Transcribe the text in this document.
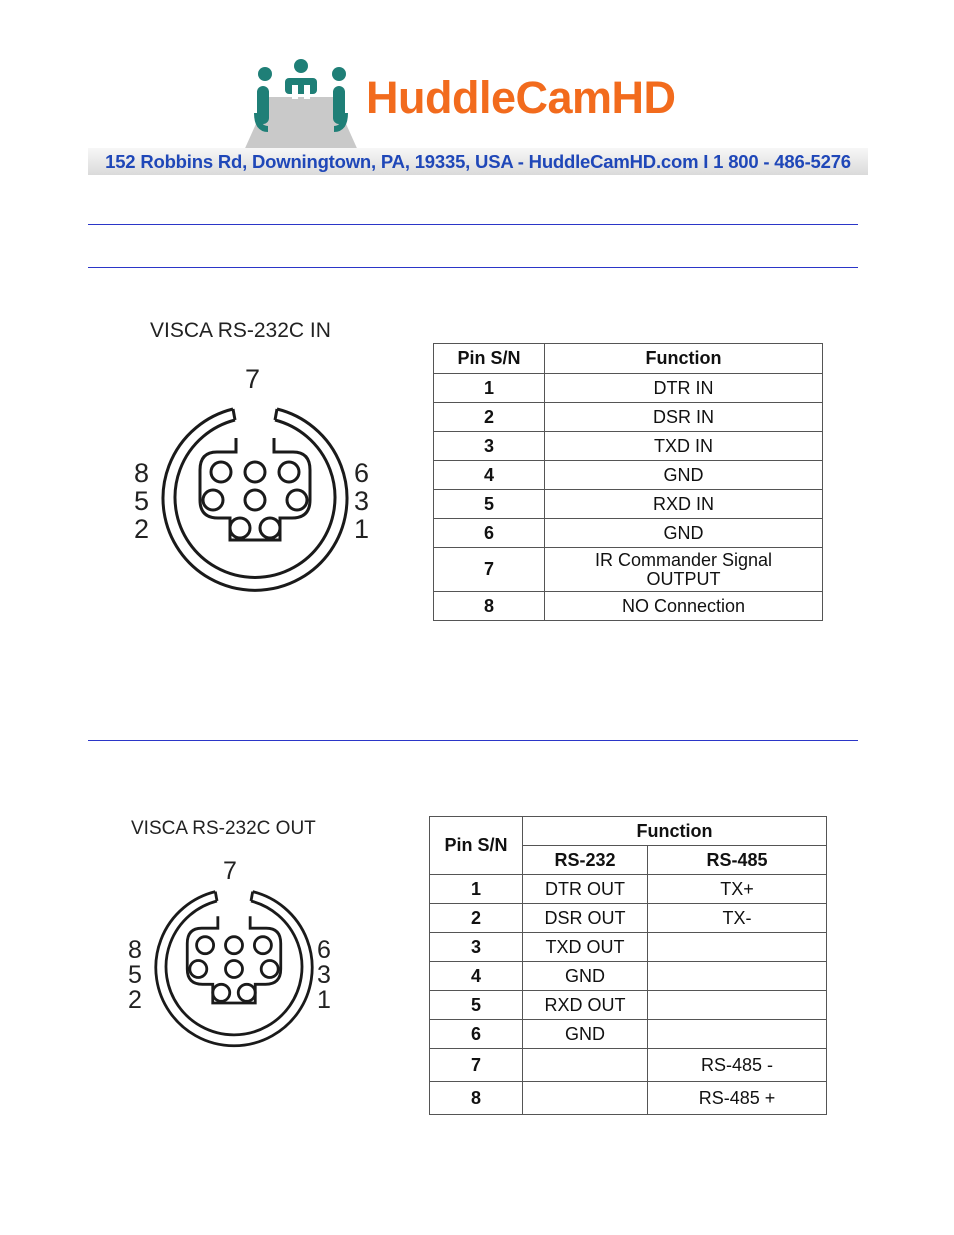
HuddleCamHD
152 Robbins Rd, Downingtown, PA, 19335, USA - HuddleCamHD.com I 1 800 - 486-5276
VISCA RS-232C IN
7
8
5
2
6
3
1
Pin S/N	Function
1	DTR IN
2	DSR IN
3	TXD IN
4	GND
5	RXD IN
6	GND
7	IR Commander Signal OUTPUT

8	NO Connection
VISCA RS-232C OUT
7
8
5
2
6
3
1
Pin S/N	Function	
	RS-232	RS-485
1	DTR OUT	TX+
2	DSR OUT	TX-
3	TXD OUT	
4	GND	
5	RXD OUT	
6	GND	
7		RS-485 -
8		RS-485 +
